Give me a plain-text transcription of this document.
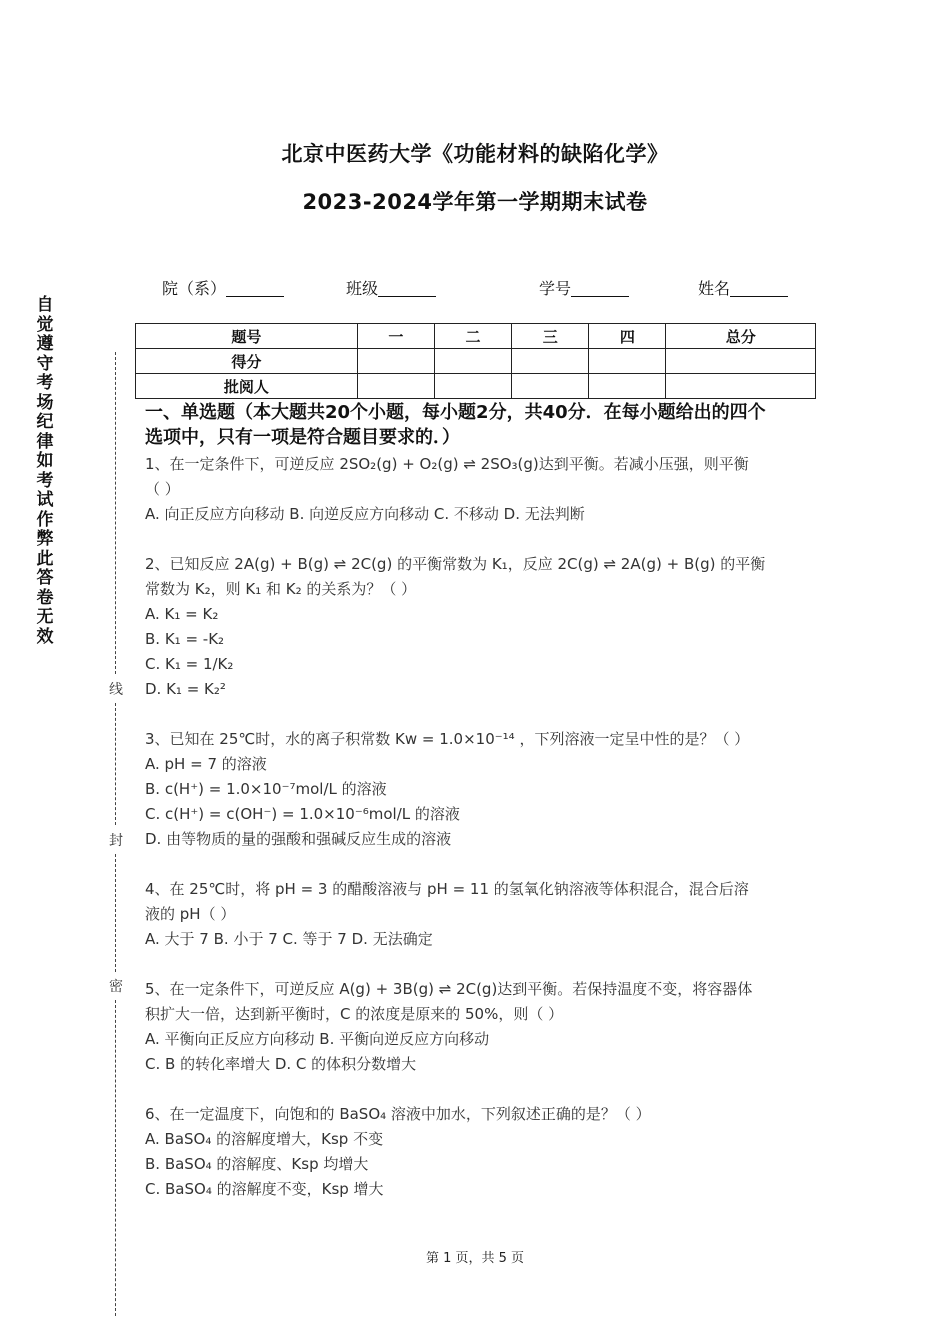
北京中医药大学《功能材料的缺陷化学》
2023-2024学年第一学期期末试卷
自觉遵守考场纪律如考试作弊此答卷无效
线
封
密
院（系）	班级	学号	姓名
题号	一	二	三	四	总分
得分					
批阅人					
一、单选题（本大题共20个小题，每小题2分，共40分．在每小题给出的四个
选项中，只有一项是符合题目要求的．）
1、在一定条件下，可逆反应 2SO₂(g) + O₂(g) ⇌ 2SO₃(g)达到平衡。若减小压强，则平衡
（ ）
A. 向正反应方向移动 B. 向逆反应方向移动 C. 不移动 D. 无法判断
2、已知反应 2A(g) + B(g) ⇌ 2C(g) 的平衡常数为 K₁，反应 2C(g) ⇌ 2A(g) + B(g) 的平衡
常数为 K₂，则 K₁ 和 K₂ 的关系为？（ ）
A. K₁ = K₂
B. K₁ = -K₂
C. K₁ = 1/K₂
D. K₁ = K₂²
3、已知在 25℃时，水的离子积常数 Kw = 1.0×10⁻¹⁴ ，下列溶液一定呈中性的是？（ ）
A. pH = 7 的溶液
B. c(H⁺) = 1.0×10⁻⁷mol/L 的溶液
C. c(H⁺) = c(OH⁻) = 1.0×10⁻⁶mol/L 的溶液
D. 由等物质的量的强酸和强碱反应生成的溶液
4、在 25℃时，将 pH = 3 的醋酸溶液与 pH = 11 的氢氧化钠溶液等体积混合，混合后溶
液的 pH（ ）
A. 大于 7 B. 小于 7 C. 等于 7 D. 无法确定
5、在一定条件下，可逆反应 A(g) + 3B(g) ⇌ 2C(g)达到平衡。若保持温度不变，将容器体
积扩大一倍，达到新平衡时，C 的浓度是原来的 50%，则（ ）
A. 平衡向正反应方向移动 B. 平衡向逆反应方向移动
C. B 的转化率增大 D. C 的体积分数增大
6、在一定温度下，向饱和的 BaSO₄ 溶液中加水，下列叙述正确的是？（ ）
A. BaSO₄ 的溶解度增大，Ksp 不变
B. BaSO₄ 的溶解度、Ksp 均增大
C. BaSO₄ 的溶解度不变，Ksp 增大
第 1 页，共 5 页
